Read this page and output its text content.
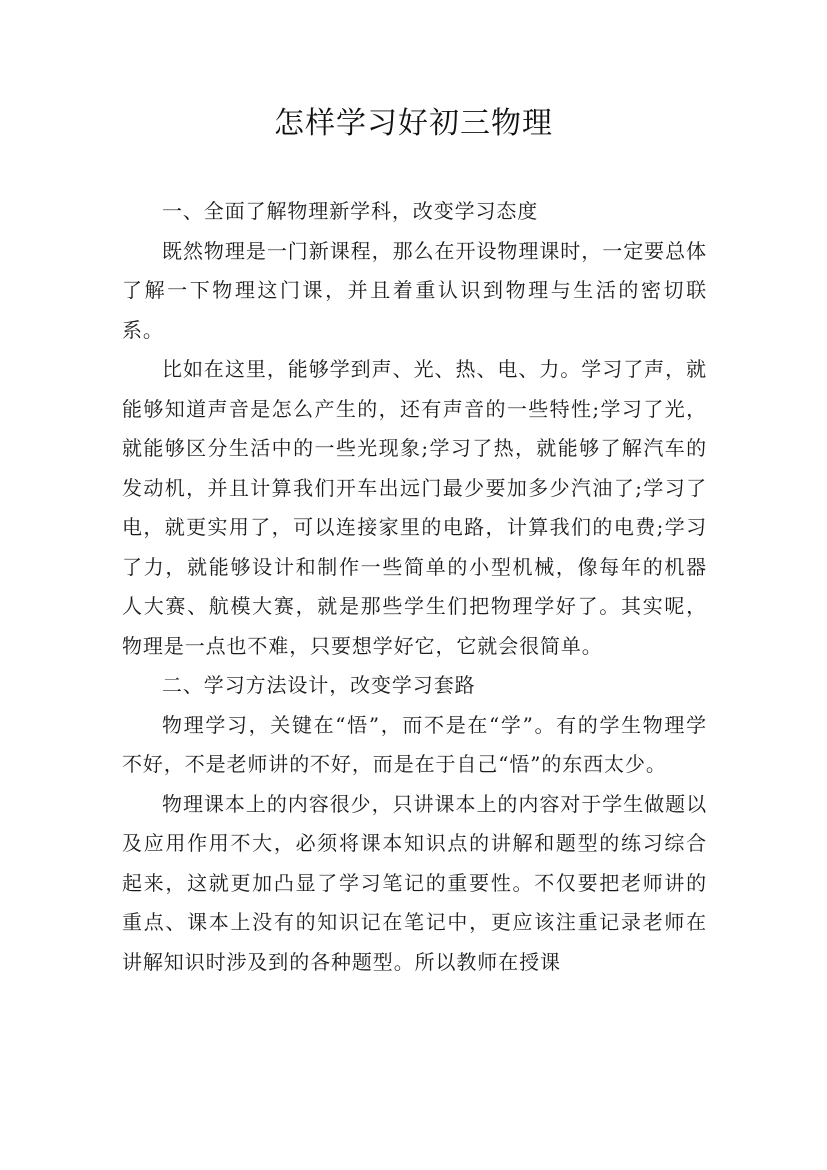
怎样学习好初三物理

一、全面了解物理新学科，改变学习态度

既然物理是一门新课程，那么在开设物理课时，一定要总体了解一下物理这门课，并且着重认识到物理与生活的密切联系。

比如在这里，能够学到声、光、热、电、力。学习了声，就能够知道声音是怎么产生的，还有声音的一些特性;学习了光，就能够区分生活中的一些光现象;学习了热，就能够了解汽车的发动机，并且计算我们开车出远门最少要加多少汽油了;学习了电，就更实用了，可以连接家里的电路，计算我们的电费;学习了力，就能够设计和制作一些简单的小型机械，像每年的机器人大赛、航模大赛，就是那些学生们把物理学好了。其实呢，物理是一点也不难，只要想学好它，它就会很简单。

二、学习方法设计，改变学习套路

物理学习，关键在“悟”，而不是在“学”。有的学生物理学不好，不是老师讲的不好，而是在于自己“悟”的东西太少。

物理课本上的内容很少，只讲课本上的内容对于学生做题以及应用作用不大，必须将课本知识点的讲解和题型的练习综合起来，这就更加凸显了学习笔记的重要性。不仅要把老师讲的重点、课本上没有的知识记在笔记中，更应该注重记录老师在讲解知识时涉及到的各种题型。所以教师在授课
